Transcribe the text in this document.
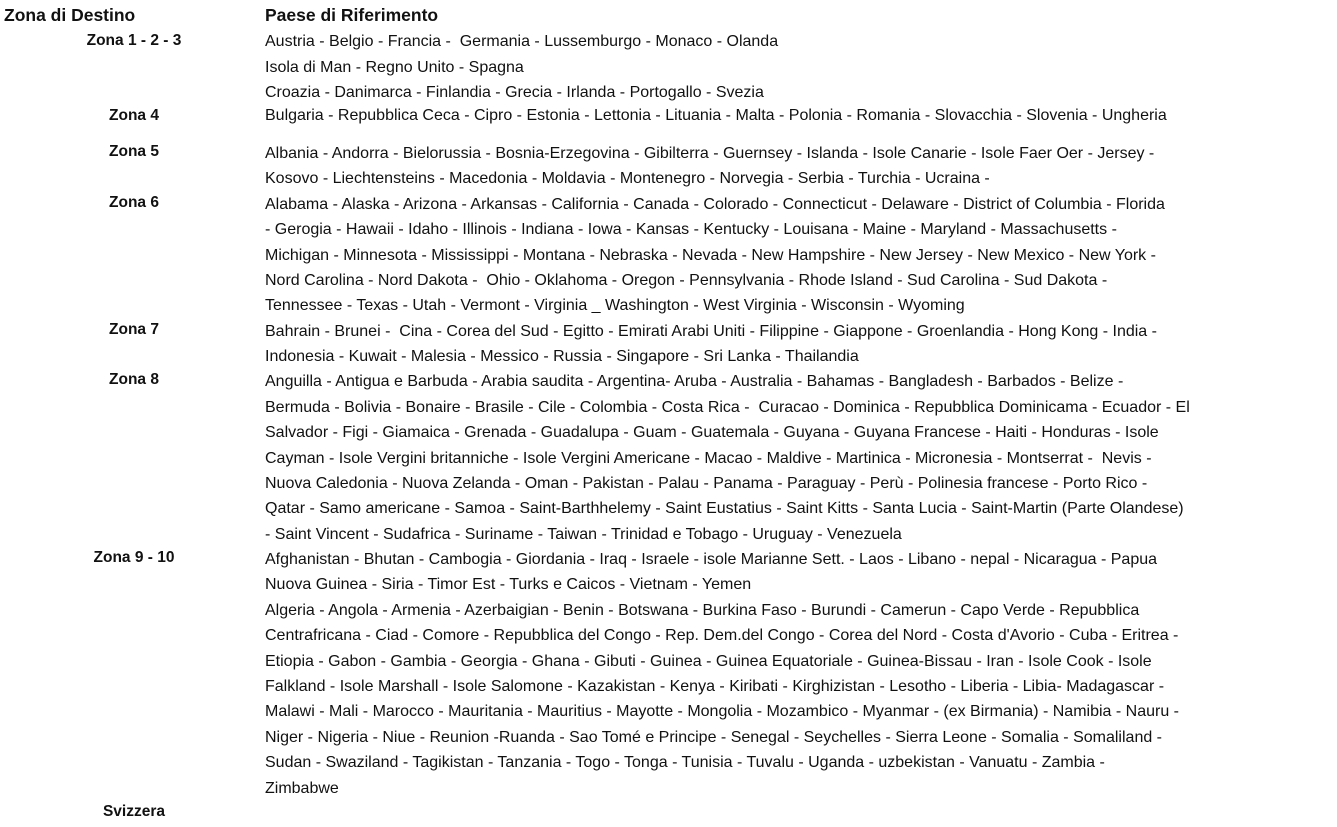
Zona di Destino	Paese di Riferimento
Zona 1 - 2 - 3	Austria - Belgio - Francia -  Germania - Lussemburgo - Monaco - Olanda
Isola di Man - Regno Unito - Spagna
Croazia - Danimarca - Finlandia - Grecia - Irlanda - Portogallo - Svezia
Zona 4	Bulgaria - Repubblica Ceca - Cipro - Estonia - Lettonia - Lituania - Malta - Polonia - Romania - Slovacchia - Slovenia - Ungheria
Zona 5	Albania - Andorra - Bielorussia - Bosnia-Erzegovina - Gibilterra - Guernsey - Islanda - Isole Canarie - Isole Faer Oer - Jersey -
Kosovo - Liechtensteins - Macedonia - Moldavia - Montenegro - Norvegia - Serbia - Turchia - Ucraina -
Zona 6	Alabama - Alaska - Arizona - Arkansas - California - Canada - Colorado - Connecticut - Delaware - District of Columbia - Florida
- Gerogia - Hawaii - Idaho - Illinois - Indiana - Iowa - Kansas - Kentucky - Louisana - Maine - Maryland - Massachusetts -
Michigan - Minnesota - Mississippi - Montana - Nebraska - Nevada - New Hampshire - New Jersey - New Mexico - New York -
Nord Carolina - Nord Dakota -  Ohio - Oklahoma - Oregon - Pennsylvania - Rhode Island - Sud Carolina - Sud Dakota -
Tennessee - Texas - Utah - Vermont - Virginia _ Washington - West Virginia - Wisconsin - Wyoming
Zona 7	Bahrain - Brunei -  Cina - Corea del Sud - Egitto - Emirati Arabi Uniti - Filippine - Giappone - Groenlandia - Hong Kong - India -
Indonesia - Kuwait - Malesia - Messico - Russia - Singapore - Sri Lanka - Thailandia
Zona 8	Anguilla - Antigua e Barbuda - Arabia saudita - Argentina- Aruba - Australia - Bahamas - Bangladesh - Barbados - Belize -
Bermuda - Bolivia - Bonaire - Brasile - Cile - Colombia - Costa Rica -  Curacao - Dominica - Repubblica Dominicama - Ecuador - El
Salvador - Figi - Giamaica - Grenada - Guadalupa - Guam - Guatemala - Guyana - Guyana Francese - Haiti - Honduras - Isole
Cayman - Isole Vergini britanniche - Isole Vergini Americane - Macao - Maldive - Martinica - Micronesia - Montserrat -  Nevis -
Nuova Caledonia - Nuova Zelanda - Oman - Pakistan - Palau - Panama - Paraguay - Perù - Polinesia francese - Porto Rico -
Qatar - Samo americane - Samoa - Saint-Barthhelemy - Saint Eustatius - Saint Kitts - Santa Lucia - Saint-Martin (Parte Olandese)
- Saint Vincent - Sudafrica - Suriname - Taiwan - Trinidad e Tobago - Uruguay - Venezuela
Zona 9 - 10	Afghanistan - Bhutan - Cambogia - Giordania - Iraq - Israele - isole Marianne Sett. - Laos - Libano - nepal - Nicaragua - Papua
Nuova Guinea - Siria - Timor Est - Turks e Caicos - Vietnam - Yemen
Algeria - Angola - Armenia - Azerbaigian - Benin - Botswana - Burkina Faso - Burundi - Camerun - Capo Verde - Repubblica
Centrafricana - Ciad - Comore - Repubblica del Congo - Rep. Dem.del Congo - Corea del Nord - Costa d'Avorio - Cuba - Eritrea -
Etiopia - Gabon - Gambia - Georgia - Ghana - Gibuti - Guinea - Guinea Equatoriale - Guinea-Bissau - Iran - Isole Cook - Isole
Falkland - Isole Marshall - Isole Salomone - Kazakistan - Kenya - Kiribati - Kirghizistan - Lesotho - Liberia - Libia- Madagascar -
Malawi - Mali - Marocco - Mauritania - Mauritius - Mayotte - Mongolia - Mozambico - Myanmar - (ex Birmania) - Namibia - Nauru -
Niger - Nigeria - Niue - Reunion -Ruanda - Sao Tomé e Principe - Senegal - Seychelles - Sierra Leone - Somalia - Somaliland -
Sudan - Swaziland - Tagikistan - Tanzania - Togo - Tonga - Tunisia - Tuvalu - Uganda - uzbekistan - Vanuatu - Zambia -
Zimbabwe
Svizzera
